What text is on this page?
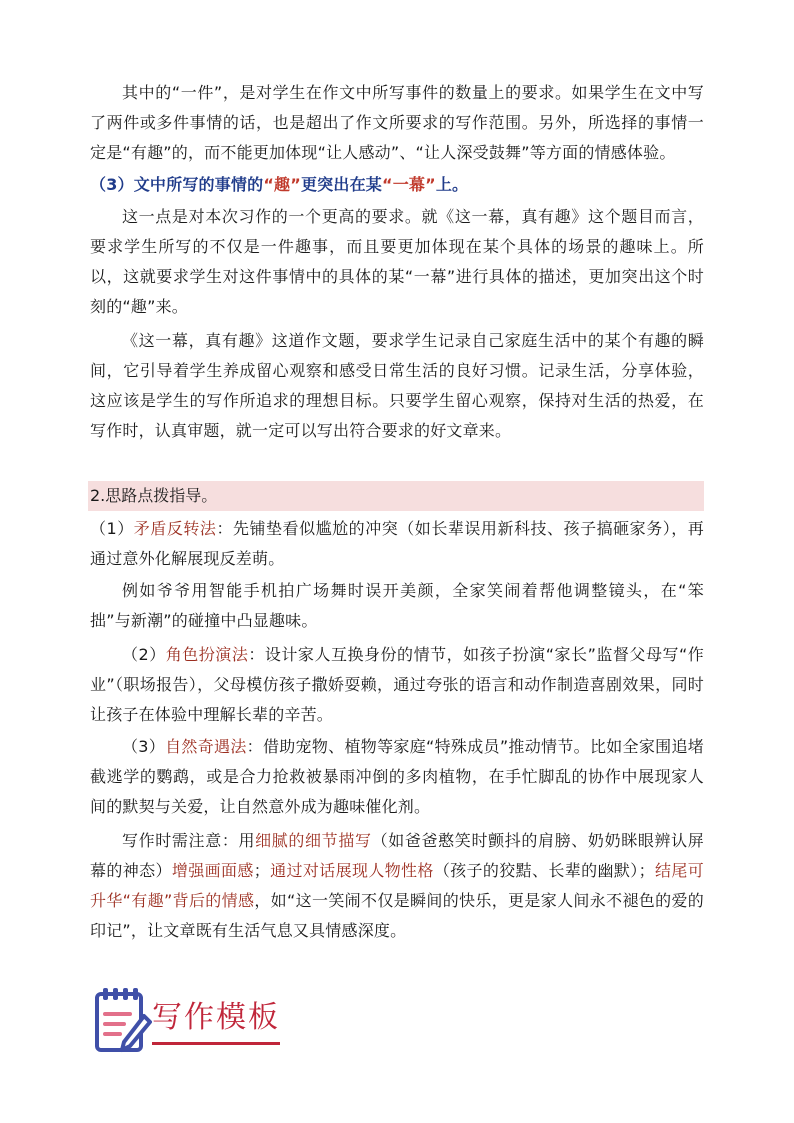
其中的“一件”，是对学生在作文中所写事件的数量上的要求。如果学生在文中写了两件或多件事情的话，也是超出了作文所要求的写作范围。另外，所选择的事情一定是“有趣”的，而不能更加体现“让人感动”、“让人深受鼓舞”等方面的情感体验。

（3）文中所写的事情的“趣”更突出在某“一幕”上。

这一点是对本次习作的一个更高的要求。就《这一幕，真有趣》这个题目而言，要求学生所写的不仅是一件趣事，而且要更加体现在某个具体的场景的趣味上。所以，这就要求学生对这件事情中的具体的某“一幕”进行具体的描述，更加突出这个时刻的“趣”来。

《这一幕，真有趣》这道作文题，要求学生记录自己家庭生活中的某个有趣的瞬间，它引导着学生养成留心观察和感受日常生活的良好习惯。记录生活，分享体验，这应该是学生的写作所追求的理想目标。只要学生留心观察，保持对生活的热爱，在写作时，认真审题，就一定可以写出符合要求的好文章来。

2.思路点拨指导。

（1）矛盾反转法：先铺垫看似尴尬的冲突（如长辈误用新科技、孩子搞砸家务），再通过意外化解展现反差萌。

例如爷爷用智能手机拍广场舞时误开美颜，全家笑闹着帮他调整镜头，在“笨拙”与新潮”的碰撞中凸显趣味。

（2）角色扮演法：设计家人互换身份的情节，如孩子扮演“家长”监督父母写“作业”（职场报告），父母模仿孩子撒娇耍赖，通过夸张的语言和动作制造喜剧效果，同时让孩子在体验中理解长辈的辛苦。

（3）自然奇遇法：借助宠物、植物等家庭“特殊成员”推动情节。比如全家围追堵截逃学的鹦鹉，或是合力抢救被暴雨冲倒的多肉植物，在手忙脚乱的协作中展现家人间的默契与关爱，让自然意外成为趣味催化剂。

写作时需注意：用细腻的细节描写（如爸爸憨笑时颤抖的肩膀、奶奶眯眼辨认屏幕的神态）增强画面感；通过对话展现人物性格（孩子的狡黠、长辈的幽默）；结尾可升华“有趣”背后的情感，如“这一笑闹不仅是瞬间的快乐，更是家人间永不褪色的爱的印记”，让文章既有生活气息又具情感深度。

写作模板
